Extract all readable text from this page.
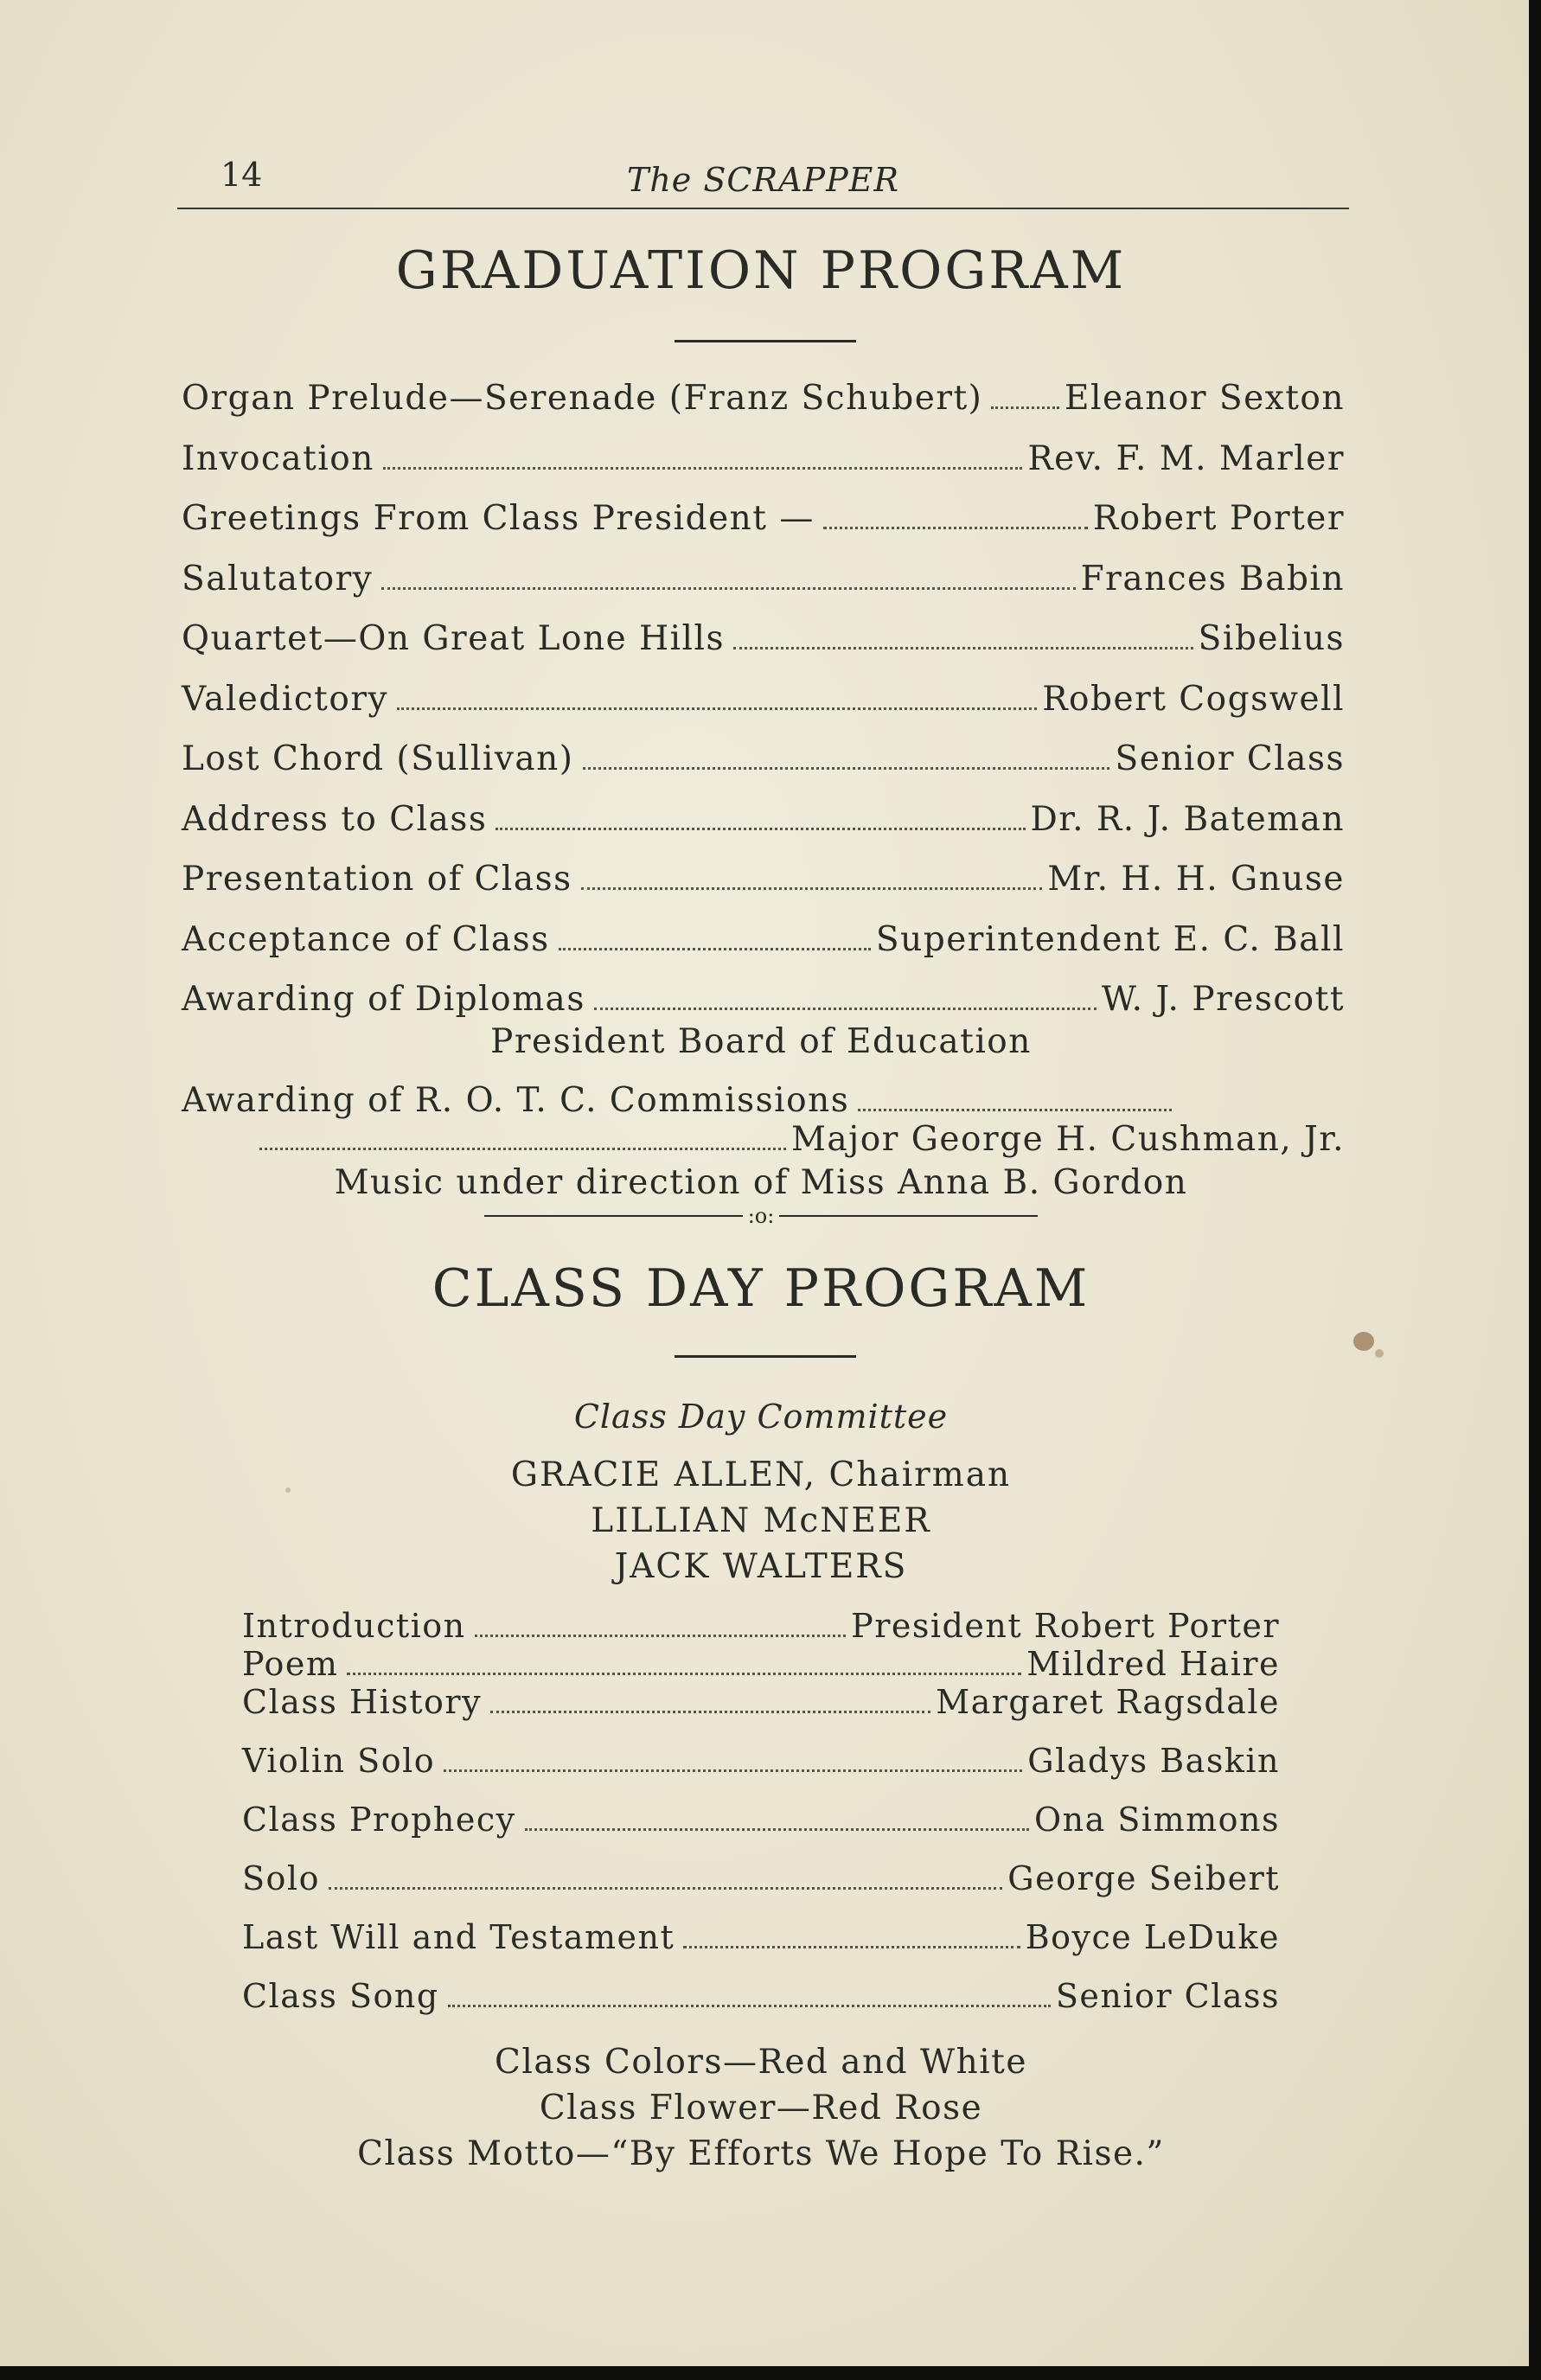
14	The SCRAPPER
GRADUATION PROGRAM
Organ Prelude—Serenade (Franz Schubert) Eleanor Sexton
Invocation	Rev. F. M. Marler
Greetings From Class President —	Robert Porter
Salutatory	Frances Babin
Quartet—On Great Lone Hills	Sibelius
Valedictory	Robert Cogswell
Lost Chord (Sullivan)	Senior Class
Address to Class	Dr. R. J. Bateman
Presentation of Class	Mr. H. H. Gnuse
Acceptance of Class	Superintendent E. C. Ball
Awarding of Diplomas	W. J. Prescott
President Board of Education
Awarding of R. O. T. C. Commissions
Major George H. Cushman, Jr.
Music under direction of Miss Anna B. Gordon
:o:
CLASS DAY PROGRAM
Class Day Committee
GRACIE ALLEN, Chairman
LILLIAN McNEER
JACK WALTERS
Introduction	President Robert Porter
Poem	Mildred Haire
Class History	Margaret Ragsdale
Violin Solo	Gladys Baskin
Class Prophecy	Ona Simmons
Solo	George Seibert
Last Will and Testament	Boyce LeDuke
Class Song	Senior Class
Class Colors—Red and White
Class Flower—Red Rose
Class Motto—“By Efforts We Hope To Rise.”
